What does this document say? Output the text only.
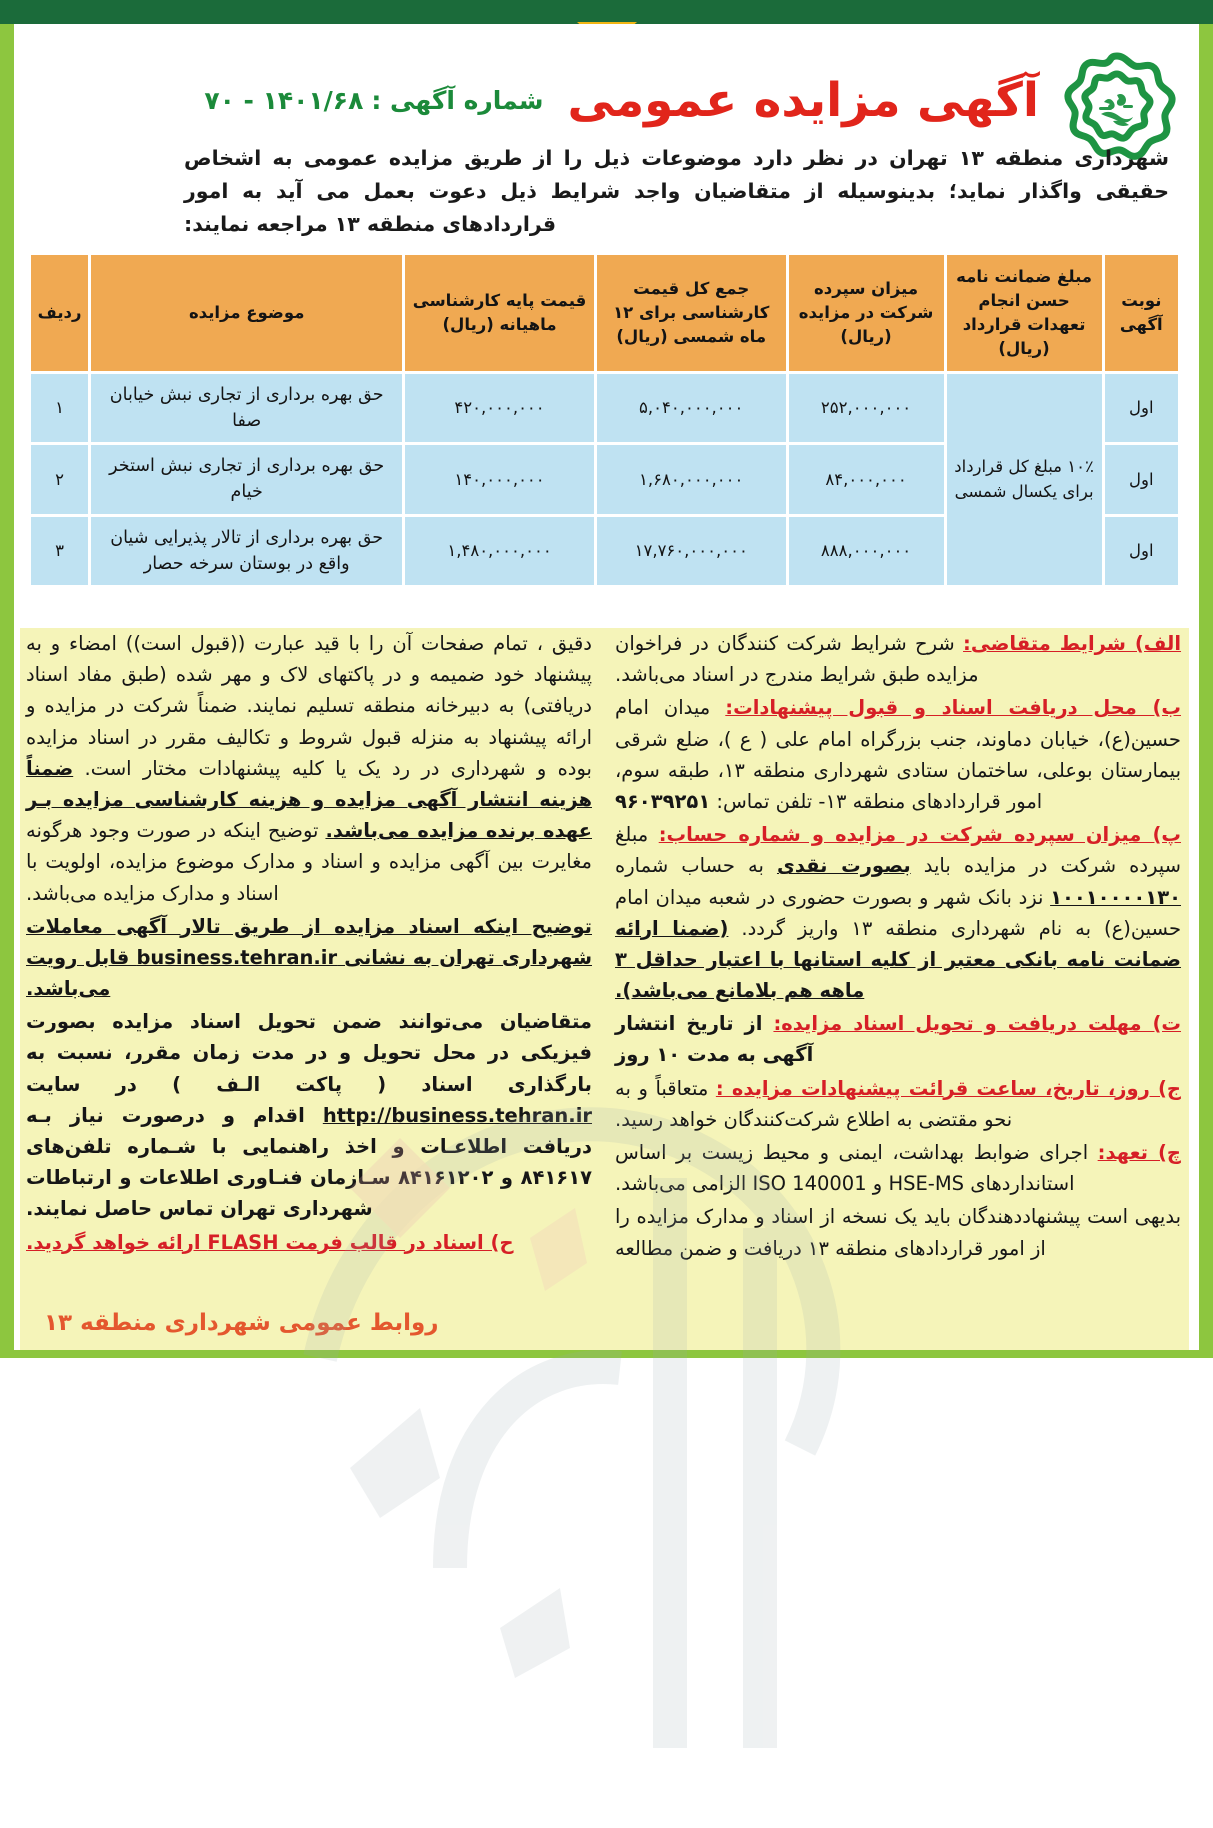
آگهی مزایده عمومی
شماره آگهی :
۱۴۰۱/۶۸ - ۷۰
شهرداری منطقه ۱۳ تهران در نظر دارد موضوعات ذیل را از طریق مزایده عمومی به اشخاص حقیقی واگذار نماید؛ بدینوسیله از متقاضیان واجد شرایط ذیل دعوت بعمل می آید به امور قراردادهای منطقه ۱۳ مراجعه نمایند:
نوبت آگهی	مبلغ ضمانت نامه حسن انجام تعهدات قرارداد (ریال)	میزان سپرده شرکت در مزایده (ریال)	جمع کل قیمت کارشناسی برای ۱۲ ماه شمسی (ریال)	قیمت پایه کارشناسی ماهیانه (ریال)	موضوع مزایده	ردیف
اول	۱۰٪ مبلغ کل قرارداد برای یکسال شمسی	۲۵۲,۰۰۰,۰۰۰	۵,۰۴۰,۰۰۰,۰۰۰	۴۲۰,۰۰۰,۰۰۰	حق بهره برداری از تجاری نبش خیابان صفا	۱
اول		۸۴,۰۰۰,۰۰۰	۱,۶۸۰,۰۰۰,۰۰۰	۱۴۰,۰۰۰,۰۰۰	حق بهره برداری از تجاری نبش استخر خیام	۲
اول		۸۸۸,۰۰۰,۰۰۰	۱۷,۷۶۰,۰۰۰,۰۰۰	۱,۴۸۰,۰۰۰,۰۰۰	حق بهره برداری از تالار پذیرایی شیان واقع در بوستان سرخه حصار	۳

الف) شرایط متقاضی: شرح شرایط شرکت کنندگان در فراخوان مزایده طبق شرایط مندرج در اسناد می‌باشد.

ب) محل دریافت اسناد و قبول پیشنهادات: میدان امام حسین(ع)، خیابان دماوند، جنب بزرگراه امام علی ( ع )، ضلع شرقی بیمارستان بوعلی، ساختمان ستادی شهرداری منطقه ۱۳، طبقه سوم، امور قراردادهای منطقه ۱۳- تلفن تماس: ۹۶۰۳۹۲۵۱

پ) میزان سپرده شرکت در مزایده و شماره حساب: مبلغ سپرده شرکت در مزایده باید بصورت نقدی به حساب شماره ۱۰۰۱۰۰۰۰۱۳۰ نزد بانک شهر و بصورت حضوری در شعبه میدان امام حسین(ع) به نام شهرداری منطقه ۱۳ واریز گردد. (ضمنا ارائه ضمانت نامه بانکی معتبر از کلیه استانها با اعتبار حداقل ۳ ماهه هم بلامانع می‌باشد).

ت) مهلت دریافت و تحویل اسناد مزایده: از تاریخ انتشار آگهی به مدت ۱۰ روز

ج) روز، تاریخ، ساعت قرائت پیشنهادات مزایده : متعاقباً و به نحو مقتضی به اطلاع شرکت‌کنندگان خواهد رسید.

چ) تعهد: اجرای ضوابط بهداشت، ایمنی و محیط زیست بر اساس استانداردهای HSE-MS و ISO 140001 الزامی می‌باشد.

بدیهی است پیشنهاددهندگان باید یک نسخه از اسناد و مدارک مزایده را از امور قراردادهای منطقه ۱۳ دریافت و ضمن مطالعه

دقیق ، تمام صفحات آن را با قید عبارت ((قبول است)) امضاء و به پیشنهاد خود ضمیمه و در پاکتهای لاک و مهر شده (طبق مفاد اسناد دریافتی) به دبیرخانه منطقه تسلیم نمایند. ضمناً شرکت در مزایده و ارائه پیشنهاد به منزله قبول شروط و تکالیف مقرر در اسناد مزایده بوده و شهرداری در رد یک یا کلیه پیشنهادات مختار است. ضمناً هزینه انتشار آگهی مزایده و هزینه کارشناسی مزایده بـر عهده برنده مزایده می‌باشد. توضیح اینکه در صورت وجود هرگونه مغایرت بین آگهی مزایده و اسناد و مدارک موضوع مزایده، اولویت با اسناد و مدارک مزایده می‌باشد.

توضیح اینکه اسناد مزایده از طریق تالار آگهی معاملات شهرداری تهران به نشانی business.tehran.ir قابل رویت می‌باشد.

متقاضیان می‌توانند ضمن تحویل اسناد مزایده بصورت فیزیکی در محل تحویل و در مدت زمان مقرر، نسبت به بارگذاری اسناد ( پاکت الـف ) در سایت http://business.tehran.ir اقدام و درصورت نیاز بـه دریافت اطلاعـات و اخذ راهنمایی با شـماره تلفن‌های ۸۴۱۶۱۷ و ۸۴۱۶۱۲۰۲ سـازمان فنـاوری اطلاعات و ارتباطات شهرداری تهران تماس حاصل نمایند.

ح) اسناد در قالب فرمت FLASH ارائه خواهد گردید.

روابط عمومی شهرداری منطقه ۱۳
